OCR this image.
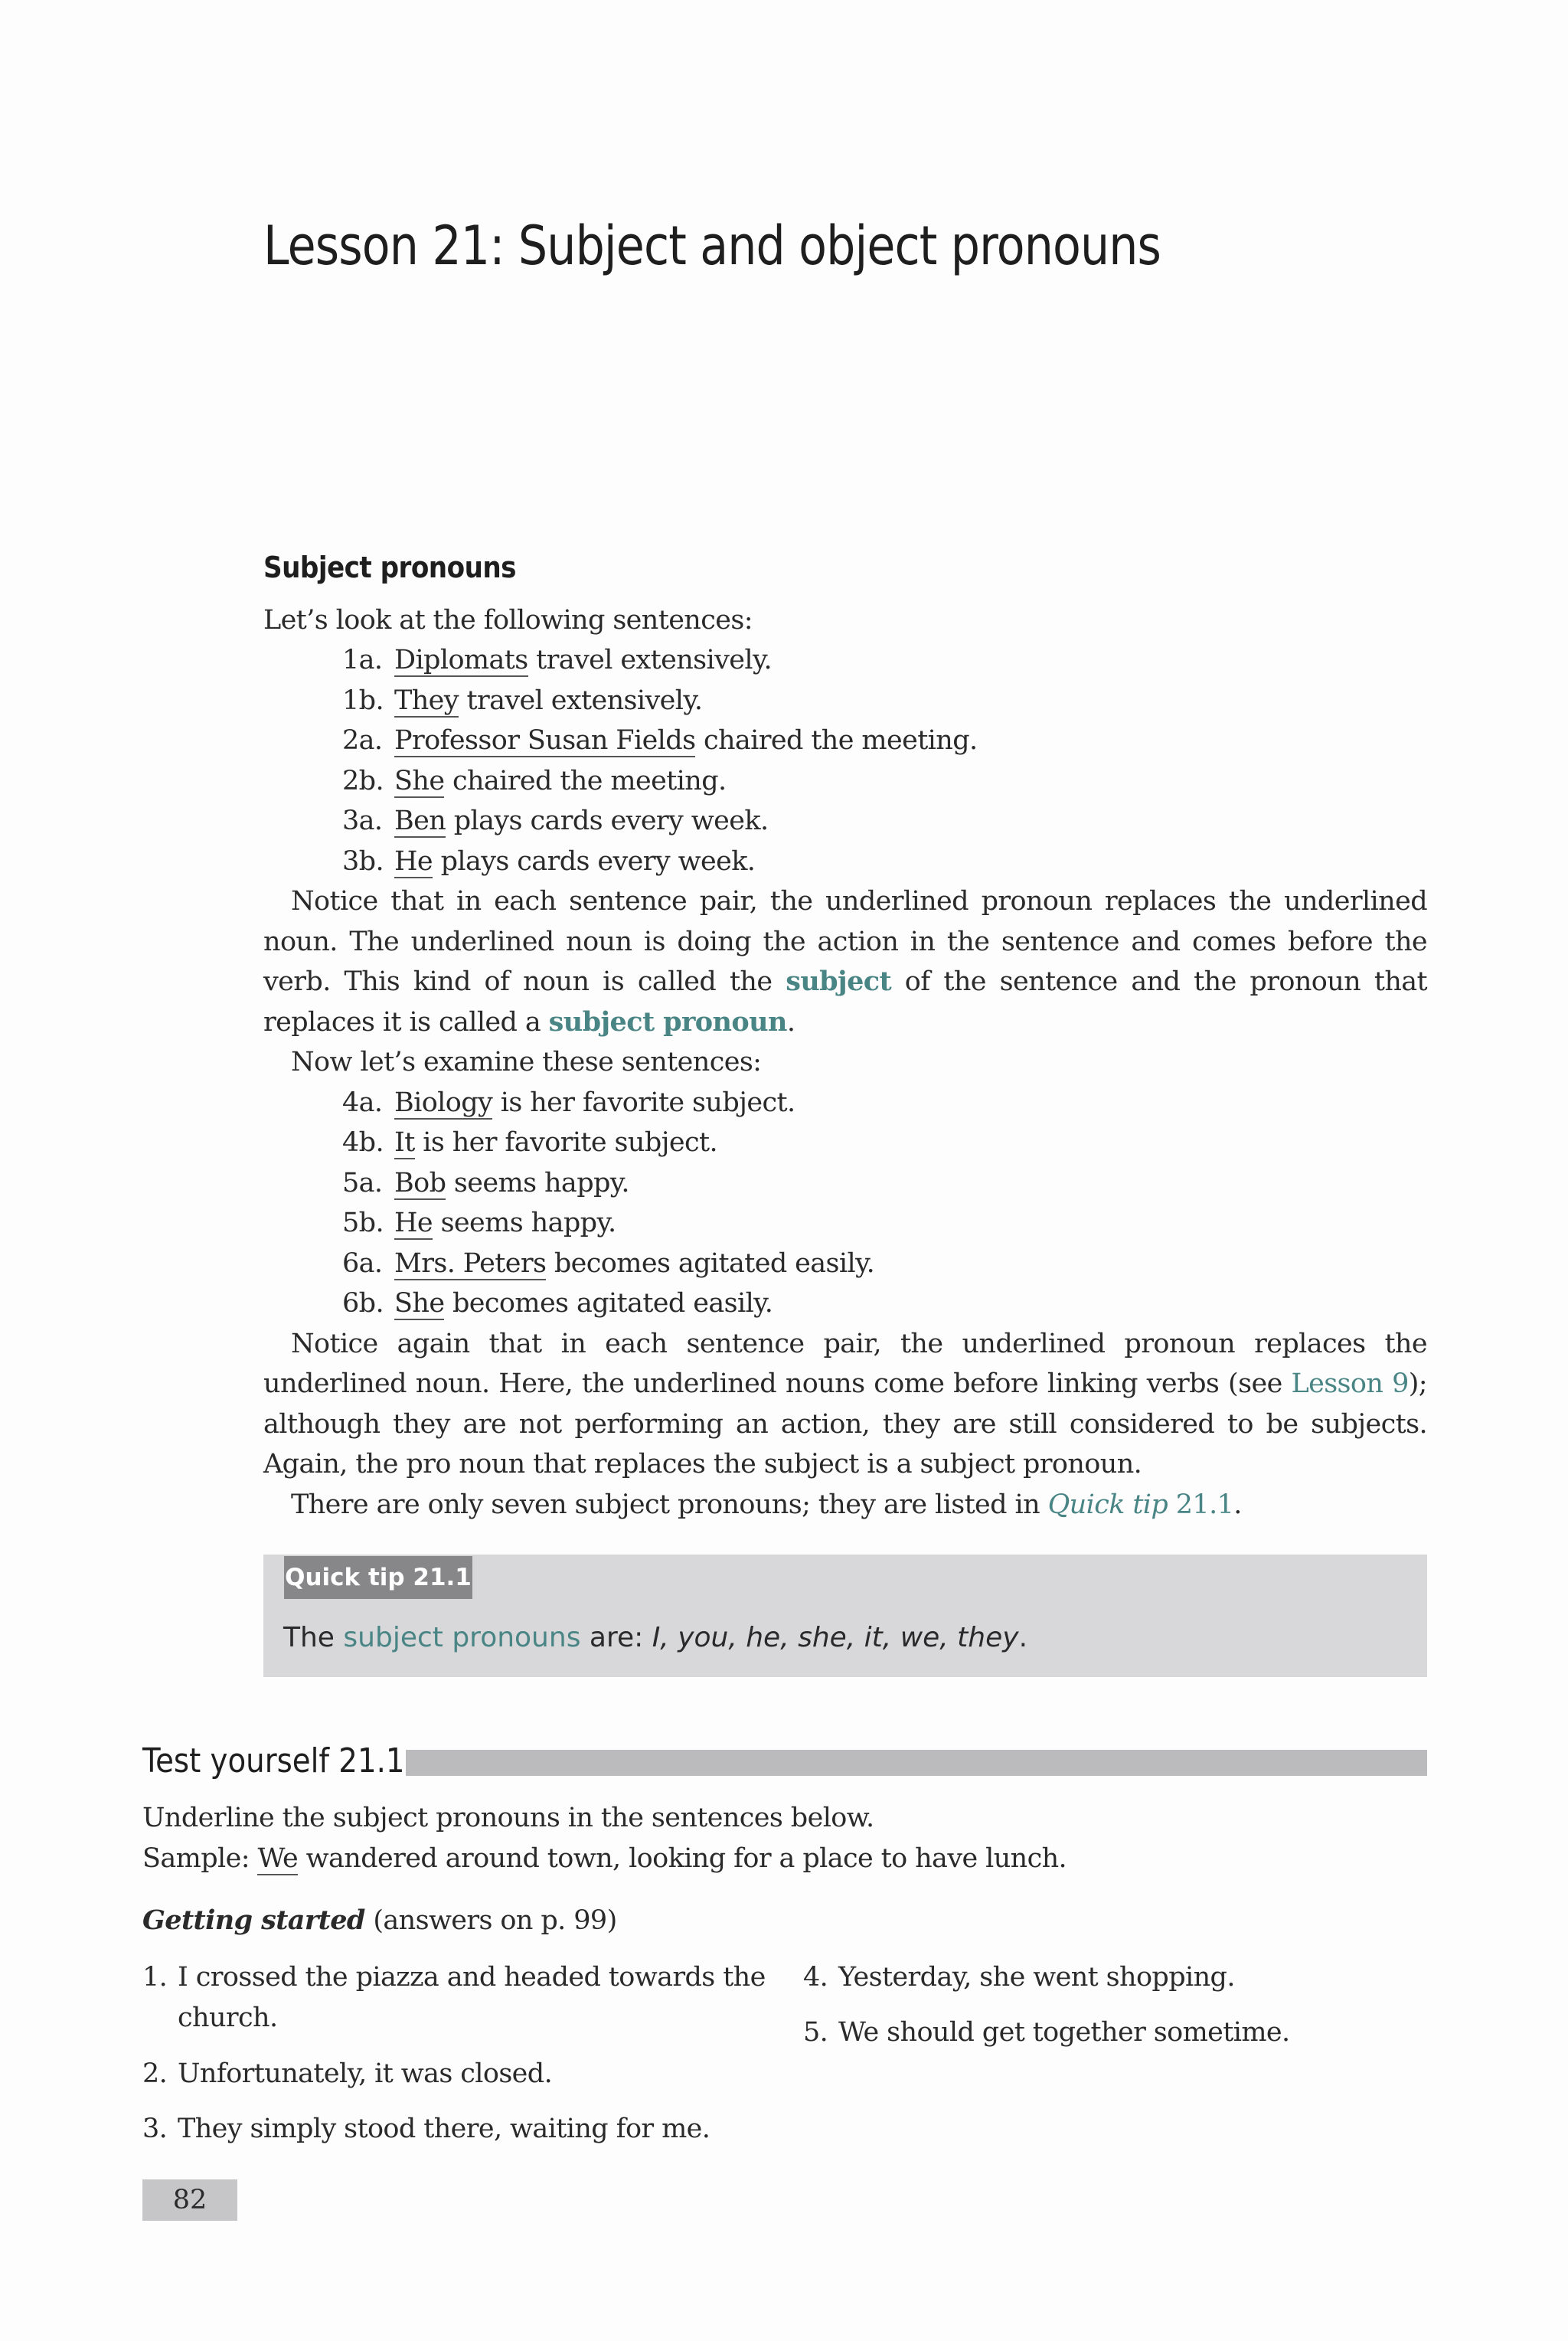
Lesson 21: Subject and object pronouns
Subject pronouns

Let’s look at the following sentences:

1a. Diplomats travel extensively.
1b. They travel extensively.
2a. Professor Susan Fields chaired the meeting.
2b. She chaired the meeting.
3a. Ben plays cards every week.
3b. He plays cards every week.

Notice that in each sentence pair, the underlined pronoun replaces the underlined noun. The underlined noun is doing the action in the sentence and comes before the verb. This kind of noun is called the subject of the sentence and the pronoun that replaces it is called a subject pronoun.

Now let’s examine these sentences:

4a. Biology is her favorite subject.
4b. It is her favorite subject.
5a. Bob seems happy.
5b. He seems happy.
6a. Mrs. Peters becomes agitated easily.
6b. She becomes agitated easily.

Notice again that in each sentence pair, the underlined pronoun replaces the underlined noun. Here, the underlined nouns come before linking verbs (see Lesson 9); although they are not performing an action, they are still considered to be subjects. Again, the pro noun that replaces the subject is a subject pronoun.

There are only seven subject pronouns; they are listed in Quick tip 21.1.

Quick tip 21.1
The subject pronouns are: I, you, he, she, it, we, they.
Test yourself 21.1

Underline the subject pronouns in the sentences below.

Sample: We wandered around town, looking for a place to have lunch.

Getting started (answers on p. 99)

1. I crossed the piazza and headed towards the
church.

2. Unfortunately, it was closed.

3. They simply stood there, waiting for me.

4. Yesterday, she went shopping.

5. We should get together sometime.

82
